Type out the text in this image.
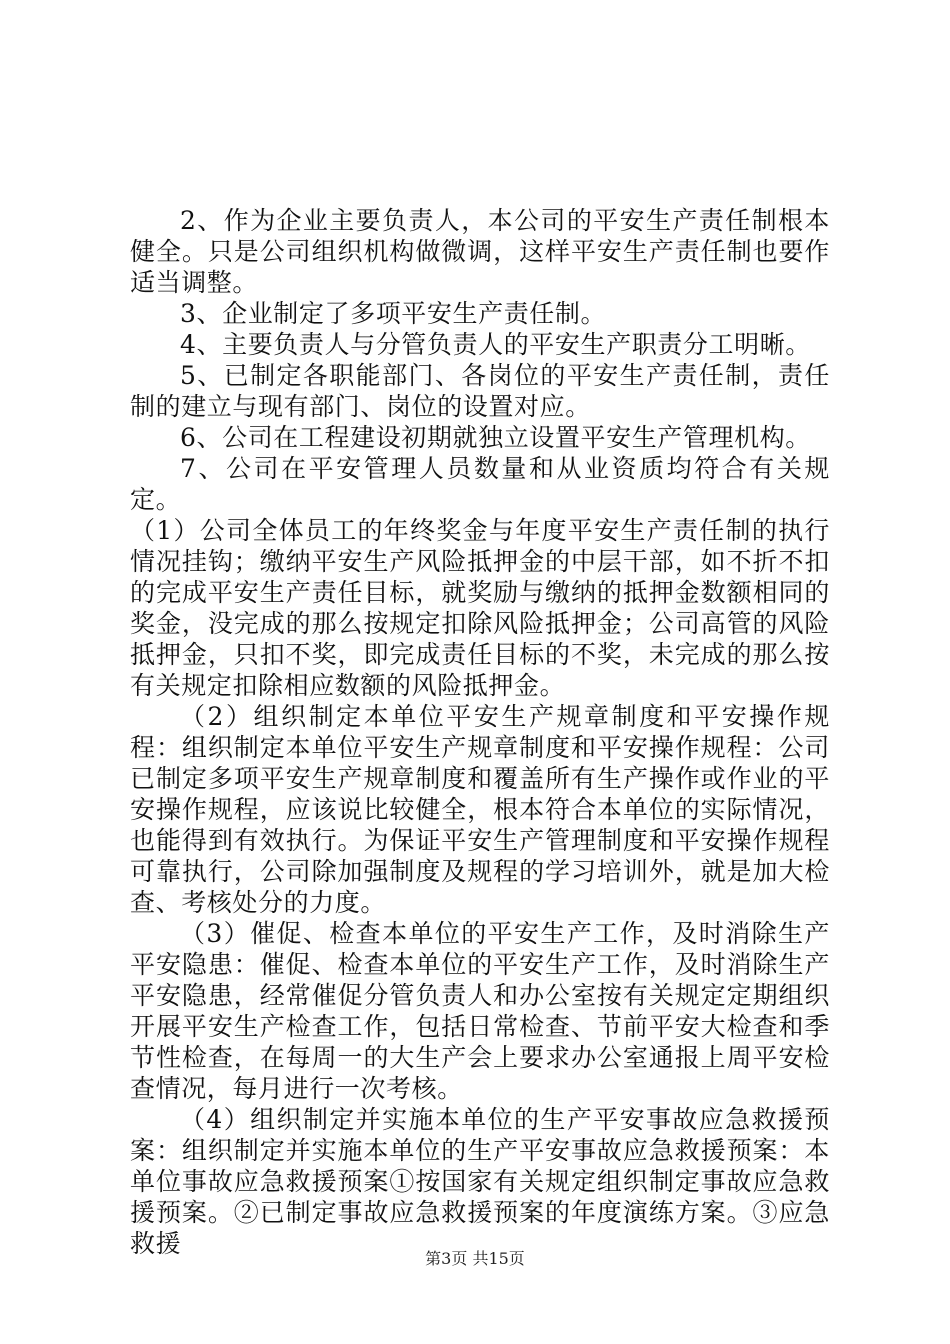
2、作为企业主要负责人，本公司的平安生产责任制根本健全。只是公司组织机构做微调，这样平安生产责任制也要作适当调整。

3、企业制定了多项平安生产责任制。

4、主要负责人与分管负责人的平安生产职责分工明晰。

5、已制定各职能部门、各岗位的平安生产责任制，责任制的建立与现有部门、岗位的设置对应。

6、公司在工程建设初期就独立设置平安生产管理机构。

7、公司在平安管理人员数量和从业资质均符合有关规定。

（1）公司全体员工的年终奖金与年度平安生产责任制的执行情况挂钩；缴纳平安生产风险抵押金的中层干部，如不折不扣的完成平安生产责任目标，就奖励与缴纳的抵押金数额相同的奖金，没完成的那么按规定扣除风险抵押金；公司高管的风险抵押金，只扣不奖，即完成责任目标的不奖，未完成的那么按有关规定扣除相应数额的风险抵押金。

（2）组织制定本单位平安生产规章制度和平安操作规程：组织制定本单位平安生产规章制度和平安操作规程：公司已制定多项平安生产规章制度和覆盖所有生产操作或作业的平安操作规程，应该说比较健全，根本符合本单位的实际情况，也能得到有效执行。为保证平安生产管理制度和平安操作规程可靠执行，公司除加强制度及规程的学习培训外，就是加大检查、考核处分的力度。

（3）催促、检查本单位的平安生产工作，及时消除生产平安隐患：催促、检查本单位的平安生产工作，及时消除生产平安隐患，经常催促分管负责人和办公室按有关规定定期组织开展平安生产检查工作，包括日常检查、节前平安大检查和季节性检查，在每周一的大生产会上要求办公室通报上周平安检查情况，每月进行一次考核。

（4）组织制定并实施本单位的生产平安事故应急救援预案：组织制定并实施本单位的生产平安事故应急救援预案：本单位事故应急救援预案①按国家有关规定组织制定事故应急救援预案。②已制定事故应急救援预案的年度演练方案。③应急救援

第3页 共15页
